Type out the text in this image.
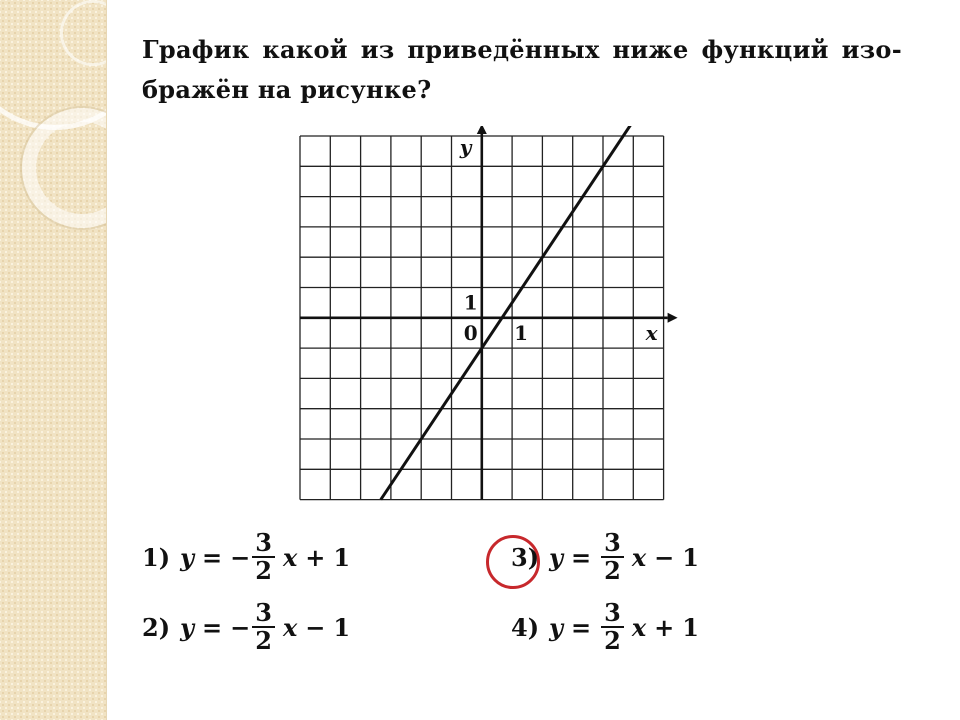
График какой из приведённых ниже функций изо-
бражён на рисунке?
y
x
0 1
1
1) y = − $\frac{3}{2}$ x + 1
2) y = − $\frac{3}{2}$ x − 1
3) $y = \frac{3}{2}$ x − 1
4) $y = \frac{3}{2}$ x + 1
